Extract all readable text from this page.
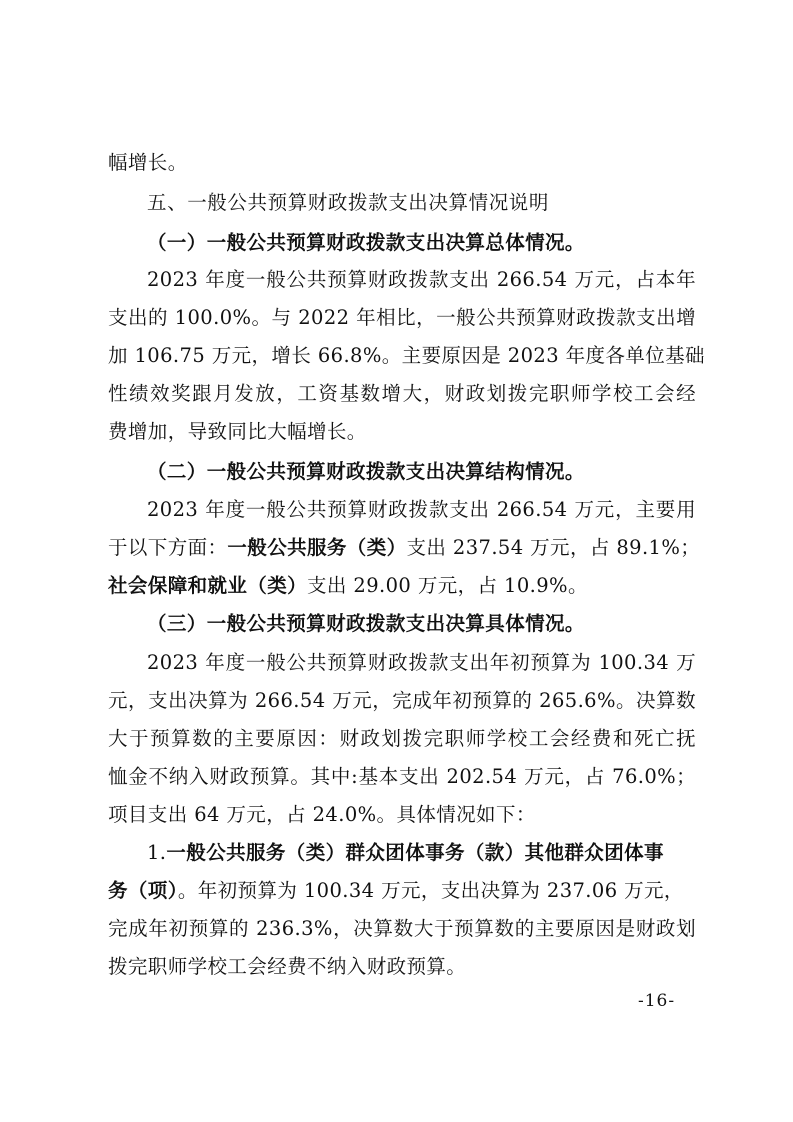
幅增长。
五、一般公共预算财政拨款支出决算情况说明
（一）一般公共预算财政拨款支出决算总体情况。
2023 年度一般公共预算财政拨款支出 266.54 万元，占本年
支出的 100.0%。与 2022 年相比，一般公共预算财政拨款支出增
加 106.75 万元，增长 66.8%。主要原因是 2023 年度各单位基础
性绩效奖跟月发放，工资基数增大，财政划拨完职师学校工会经
费增加，导致同比大幅增长。
（二）一般公共预算财政拨款支出决算结构情况。
2023 年度一般公共预算财政拨款支出 266.54 万元，主要用
于以下方面：一般公共服务（类）支出 237.54 万元，占 89.1%；
社会保障和就业（类）支出 29.00 万元，占 10.9%。
（三）一般公共预算财政拨款支出决算具体情况。
2023 年度一般公共预算财政拨款支出年初预算为 100.34 万
元，支出决算为 266.54 万元，完成年初预算的 265.6%。决算数
大于预算数的主要原因：财政划拨完职师学校工会经费和死亡抚
恤金不纳入财政预算。其中:基本支出 202.54 万元，占 76.0%；
项目支出 64 万元，占 24.0%。具体情况如下：
1.一般公共服务（类）群众团体事务（款）其他群众团体事
务（项）。年初预算为 100.34 万元，支出决算为 237.06 万元，
完成年初预算的 236.3%，决算数大于预算数的主要原因是财政划
拨完职师学校工会经费不纳入财政预算。
-16-
